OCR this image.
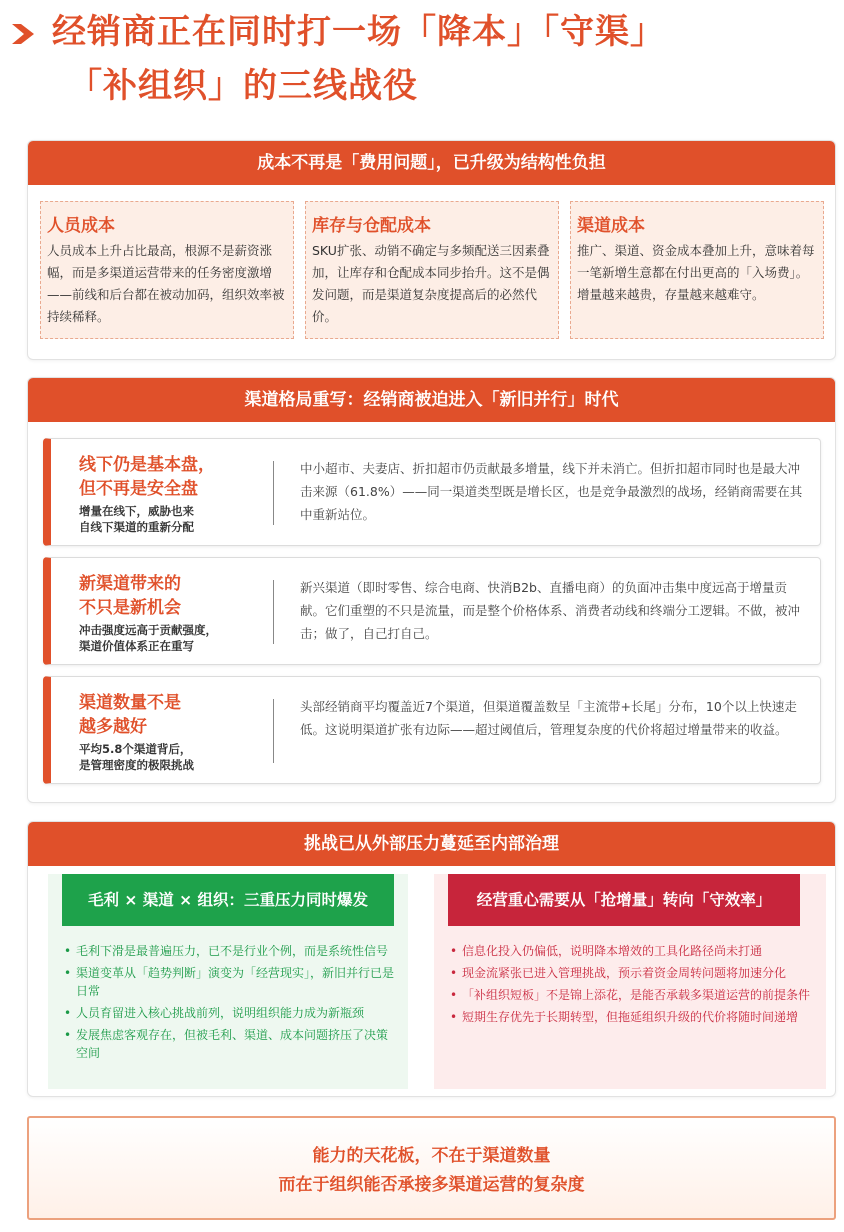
经销商正在同时打一场「降本」「守渠」
「补组织」的三线战役
成本不再是「费用问题」，已升级为结构性负担
人员成本
人员成本上升占比最高，根源不是薪资涨幅，而是多渠道运营带来的任务密度激增——前线和后台都在被动加码，组织效率被持续稀释。
库存与仓配成本
SKU扩张、动销不确定与多频配送三因素叠加，让库存和仓配成本同步抬升。这不是偶发问题，而是渠道复杂度提高后的必然代价。
渠道成本
推广、渠道、资金成本叠加上升，意味着每一笔新增生意都在付出更高的「入场费」。增量越来越贵，存量越来越难守。
渠道格局重写：经销商被迫进入「新旧并行」时代
线下仍是基本盘，
但不再是安全盘
增量在线下，威胁也来
自线下渠道的重新分配
中小超市、夫妻店、折扣超市仍贡献最多增量，线下并未消亡。但折扣超市同时也是最大冲击来源（61.8%）——同一渠道类型既是增长区，也是竞争最激烈的战场，经销商需要在其中重新站位。
新渠道带来的
不只是新机会
冲击强度远高于贡献强度，
渠道价值体系正在重写
新兴渠道（即时零售、综合电商、快消B2b、直播电商）的负面冲击集中度远高于增量贡献。它们重塑的不只是流量，而是整个价格体系、消费者动线和终端分工逻辑。不做，被冲击；做了，自己打自己。
渠道数量不是
越多越好
平均5.8个渠道背后，
是管理密度的极限挑战
头部经销商平均覆盖近7个渠道，但渠道覆盖数呈「主流带+长尾」分布，10个以上快速走低。这说明渠道扩张有边际——超过阈值后，管理复杂度的代价将超过增量带来的收益。
挑战已从外部压力蔓延至内部治理
毛利 × 渠道 × 组织：三重压力同时爆发
• 毛利下滑是最普遍压力，已不是行业个例，而是系统性信号
• 渠道变革从「趋势判断」演变为「经营现实」，新旧并行已是日常
• 人员育留进入核心挑战前列，说明组织能力成为新瓶颈
• 发展焦虑客观存在，但被毛利、渠道、成本问题挤压了决策空间
经营重心需要从「抢增量」转向「守效率」
• 信息化投入仍偏低，说明降本增效的工具化路径尚未打通
• 现金流紧张已进入管理挑战，预示着资金周转问题将加速分化
• 「补组织短板」不是锦上添花，是能否承载多渠道运营的前提条件
• 短期生存优先于长期转型，但拖延组织升级的代价将随时间递增
能力的天花板，不在于渠道数量
而在于组织能否承接多渠道运营的复杂度
